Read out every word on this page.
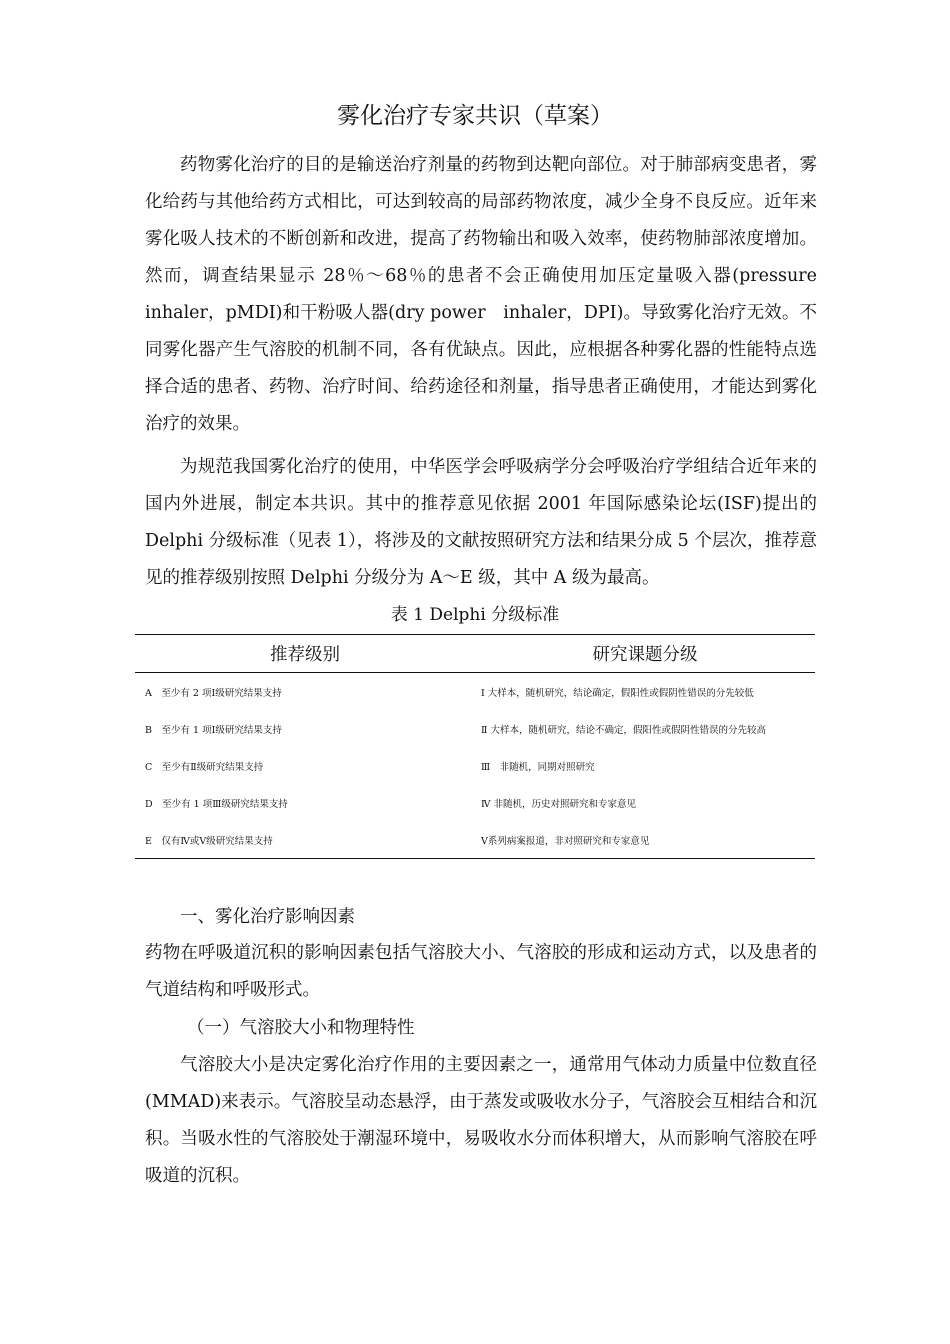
雾化治疗专家共识（草案）

药物雾化治疗的目的是输送治疗剂量的药物到达靶向部位。对于肺部病变患者，雾化给药与其他给药方式相比，可达到较高的局部药物浓度，减少全身不良反应。近年来雾化吸人技术的不断创新和改进，提高了药物输出和吸入效率，使药物肺部浓度增加。然而，调查结果显示 28％～68％的患者不会正确使用加压定量吸入器(pressure inhaler，pMDI)和干粉吸人器(dry power　inhaler，DPI)。导致雾化治疗无效。不同雾化器产生气溶胶的机制不同，各有优缺点。因此，应根据各种雾化器的性能特点选择合适的患者、药物、治疗时间、给药途径和剂量，指导患者正确使用，才能达到雾化治疗的效果。

为规范我国雾化治疗的使用，中华医学会呼吸病学分会呼吸治疗学组结合近年来的国内外进展，制定本共识。其中的推荐意见依据 2001 年国际感染论坛(ISF)提出的 Delphi 分级标准（见表 1），将涉及的文献按照研究方法和结果分成 5 个层次，推荐意见的推荐级别按照 Delphi 分级分为 A～E 级，其中 A 级为最高。

表 1 Delphi 分级标准
推荐级别	研究课题分级
A　至少有 2 项Ⅰ级研究结果支持	Ⅰ 大样本，随机研究，结论确定，假阳性或假阴性错误的分先较低
B　至少有 1 项Ⅰ级研究结果支持	Ⅱ 大样本，随机研究，结论不确定，假阳性或假阴性错误的分先较高
C　至少有Ⅱ级研究结果支持	Ⅲ　非随机，同期对照研究
D　至少有 1 项Ⅲ级研究结果支持	Ⅳ 非随机，历史对照研究和专家意见
E　仅有Ⅳ或Ⅴ级研究结果支持	Ⅴ系列病案报道，非对照研究和专家意见
一、雾化治疗影响因素

药物在呼吸道沉积的影响因素包括气溶胶大小、气溶胶的形成和运动方式，以及患者的气道结构和呼吸形式。

（一）气溶胶大小和物理特性

气溶胶大小是决定雾化治疗作用的主要因素之一，通常用气体动力质量中位数直径(MMAD)来表示。气溶胶呈动态悬浮，由于蒸发或吸收水分子，气溶胶会互相结合和沉积。当吸水性的气溶胶处于潮湿环境中，易吸收水分而体积增大，从而影响气溶胶在呼吸道的沉积。
